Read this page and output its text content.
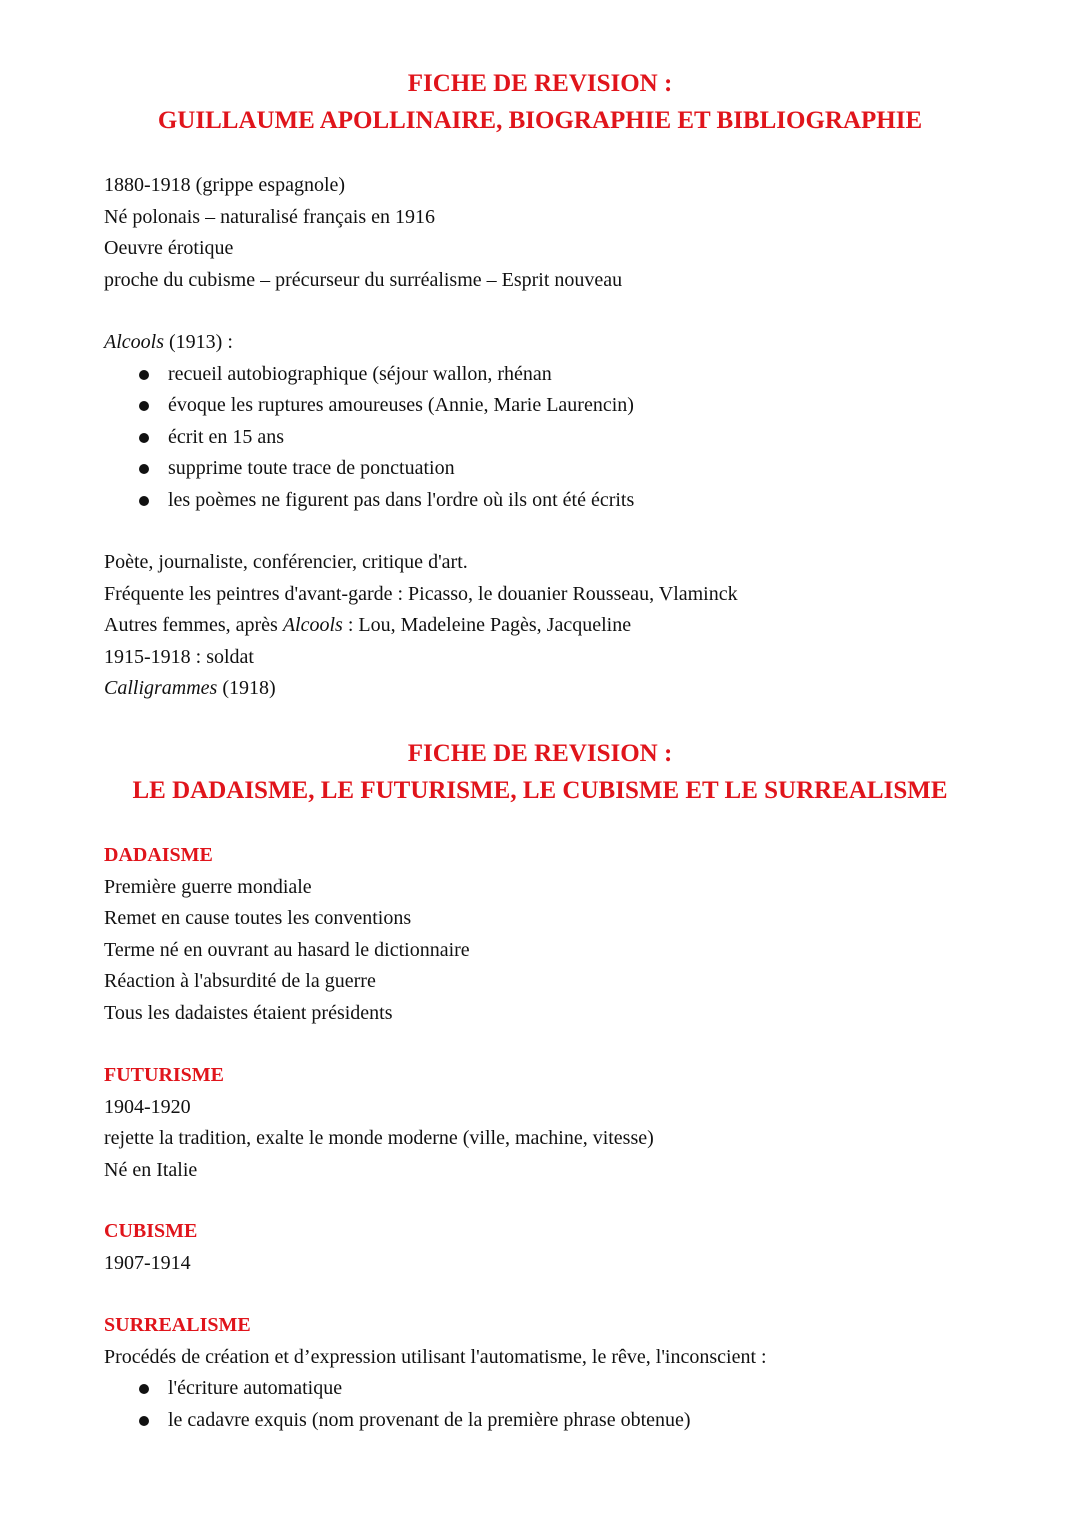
FICHE DE REVISION :
GUILLAUME APOLLINAIRE, BIOGRAPHIE ET BIBLIOGRAPHIE
1880-1918 (grippe espagnole)
Né polonais – naturalisé français en 1916
Oeuvre érotique
proche du cubisme – précurseur du surréalisme – Esprit nouveau
Alcools (1913) :
recueil autobiographique (séjour wallon, rhénan
évoque les ruptures amoureuses (Annie, Marie Laurencin)
écrit en 15 ans
supprime toute trace de ponctuation
les poèmes ne figurent pas dans l'ordre où ils ont été écrits
Poète, journaliste, conférencier, critique d'art.
Fréquente les peintres d'avant-garde : Picasso, le douanier Rousseau, Vlaminck
Autres femmes, après Alcools : Lou, Madeleine Pagès, Jacqueline
1915-1918 : soldat
Calligrammes (1918)
FICHE DE REVISION :
LE DADAISME, LE FUTURISME, LE CUBISME ET LE SURREALISME
DADAISME
Première guerre mondiale
Remet en cause toutes les conventions
Terme né en ouvrant au hasard le dictionnaire
Réaction à l'absurdité de la guerre
Tous les dadaistes étaient présidents
FUTURISME
1904-1920
rejette la tradition, exalte le monde moderne (ville, machine, vitesse)
Né en Italie
CUBISME
1907-1914
SURREALISME
Procédés de création et d’expression utilisant l'automatisme, le rêve, l'inconscient :
l'écriture automatique
le cadavre exquis (nom provenant de la première phrase obtenue)
